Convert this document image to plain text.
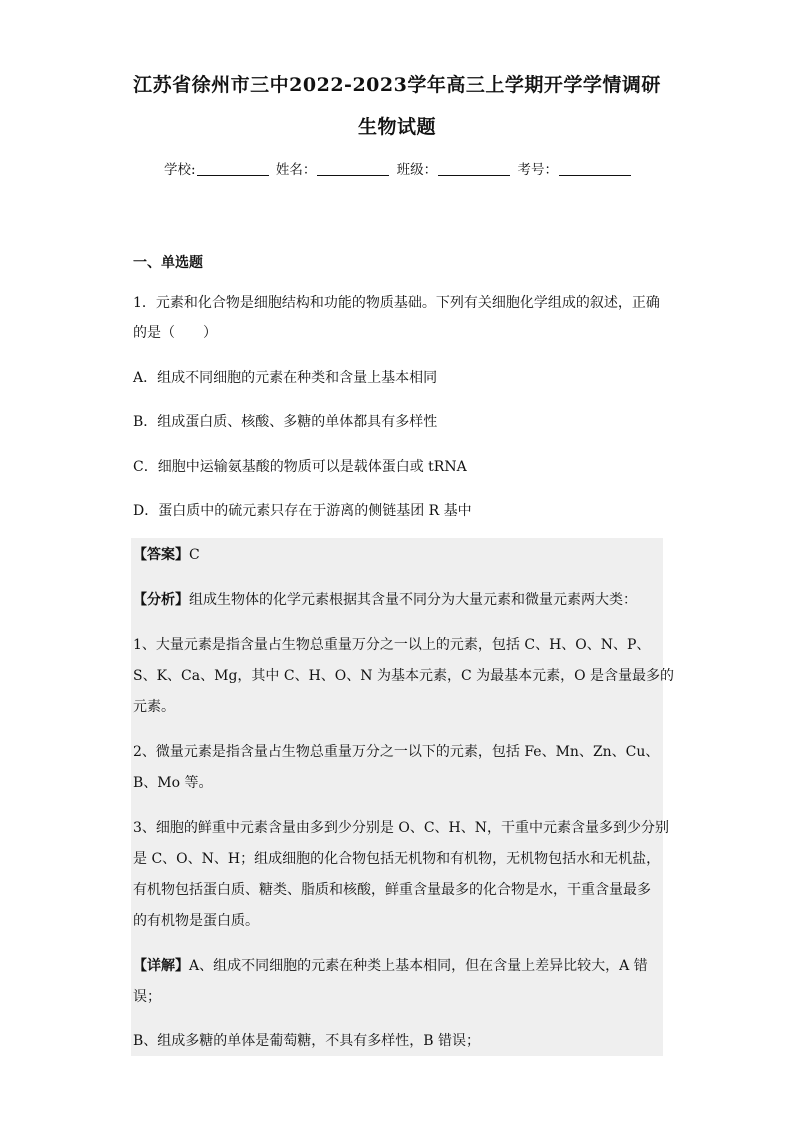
江苏省徐州市三中2022-2023学年高三上学期开学学情调研
生物试题
学校:	姓名：	班级：	考号：
一、单选题
1．元素和化合物是细胞结构和功能的物质基础。下列有关细胞化学组成的叙述，正确
的是（　　）
A．组成不同细胞的元素在种类和含量上基本相同
B．组成蛋白质、核酸、多糖的单体都具有多样性
C．细胞中运输氨基酸的物质可以是载体蛋白或 tRNA
D．蛋白质中的硫元素只存在于游离的侧链基团 R 基中
【答案】C
【分析】组成生物体的化学元素根据其含量不同分为大量元素和微量元素两大类：
1、大量元素是指含量占生物总重量万分之一以上的元素，包括 C、H、O、N、P、
S、K、Ca、Mg，其中 C、H、O、N 为基本元素，C 为最基本元素，O 是含量最多的
元素。
2、微量元素是指含量占生物总重量万分之一以下的元素，包括 Fe、Mn、Zn、Cu、
B、Mo 等。
3、细胞的鲜重中元素含量由多到少分别是 O、C、H、N，干重中元素含量多到少分别
是 C、O、N、H；组成细胞的化合物包括无机物和有机物，无机物包括水和无机盐，
有机物包括蛋白质、糖类、脂质和核酸，鲜重含量最多的化合物是水，干重含量最多
的有机物是蛋白质。
【详解】A、组成不同细胞的元素在种类上基本相同，但在含量上差异比较大，A 错
误；
B、组成多糖的单体是葡萄糖，不具有多样性，B 错误；
